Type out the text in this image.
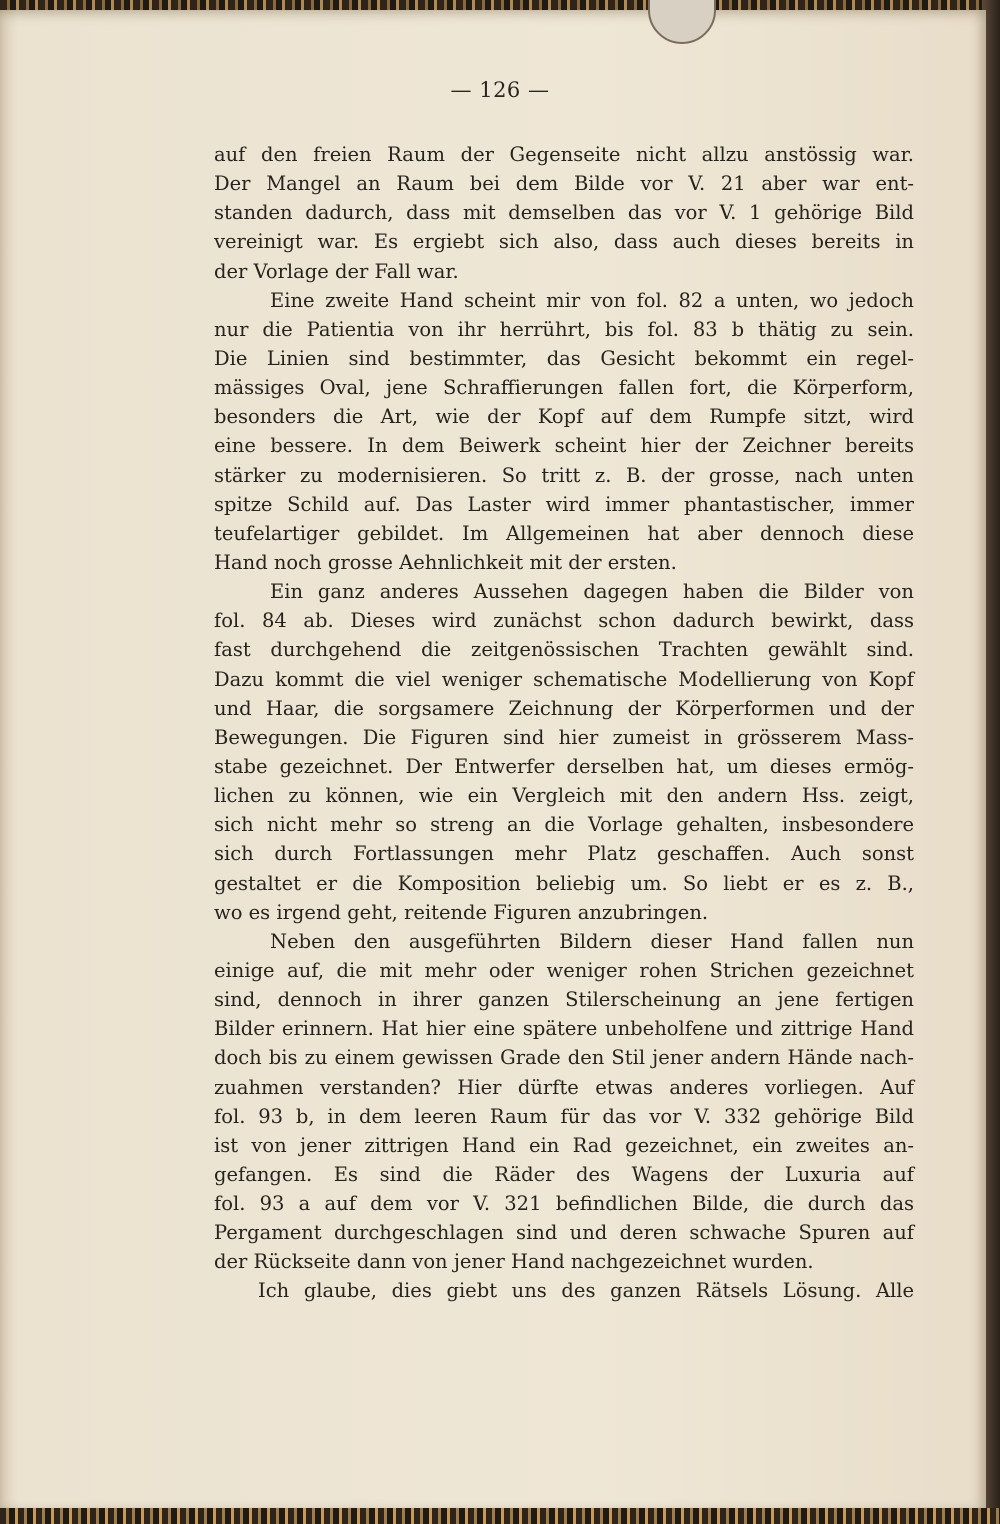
— 126 —
auf den freien Raum der Gegenseite nicht allzu anstössig war.
Der Mangel an Raum bei dem Bilde vor V. 21 aber war ent-
standen dadurch, dass mit demselben das vor V. 1 gehörige Bild
vereinigt war. Es ergiebt sich also, dass auch dieses bereits in
der Vorlage der Fall war.
Eine zweite Hand scheint mir von fol. 82 a unten, wo jedoch
nur die Patientia von ihr herrührt, bis fol. 83 b thätig zu sein.
Die Linien sind bestimmter, das Gesicht bekommt ein regel-
mässiges Oval, jene Schraffierungen fallen fort, die Körperform,
besonders die Art, wie der Kopf auf dem Rumpfe sitzt, wird
eine bessere. In dem Beiwerk scheint hier der Zeichner bereits
stärker zu modernisieren. So tritt z. B. der grosse, nach unten
spitze Schild auf. Das Laster wird immer phantastischer, immer
teufelartiger gebildet. Im Allgemeinen hat aber dennoch diese
Hand noch grosse Aehnlichkeit mit der ersten.
Ein ganz anderes Aussehen dagegen haben die Bilder von
fol. 84 ab. Dieses wird zunächst schon dadurch bewirkt, dass
fast durchgehend die zeitgenössischen Trachten gewählt sind.
Dazu kommt die viel weniger schematische Modellierung von Kopf
und Haar, die sorgsamere Zeichnung der Körperformen und der
Bewegungen. Die Figuren sind hier zumeist in grösserem Mass-
stabe gezeichnet. Der Entwerfer derselben hat, um dieses ermög-
lichen zu können, wie ein Vergleich mit den andern Hss. zeigt,
sich nicht mehr so streng an die Vorlage gehalten, insbesondere
sich durch Fortlassungen mehr Platz geschaffen. Auch sonst
gestaltet er die Komposition beliebig um. So liebt er es z. B.,
wo es irgend geht, reitende Figuren anzubringen.
Neben den ausgeführten Bildern dieser Hand fallen nun
einige auf, die mit mehr oder weniger rohen Strichen gezeichnet
sind, dennoch in ihrer ganzen Stilerscheinung an jene fertigen
Bilder erinnern. Hat hier eine spätere unbeholfene und zittrige Hand
doch bis zu einem gewissen Grade den Stil jener andern Hände nach-
zuahmen verstanden? Hier dürfte etwas anderes vorliegen. Auf
fol. 93 b, in dem leeren Raum für das vor V. 332 gehörige Bild
ist von jener zittrigen Hand ein Rad gezeichnet, ein zweites an-
gefangen. Es sind die Räder des Wagens der Luxuria auf
fol. 93 a auf dem vor V. 321 befindlichen Bilde, die durch das
Pergament durchgeschlagen sind und deren schwache Spuren auf
der Rückseite dann von jener Hand nachgezeichnet wurden.
Ich glaube, dies giebt uns des ganzen Rätsels Lösung. Alle
